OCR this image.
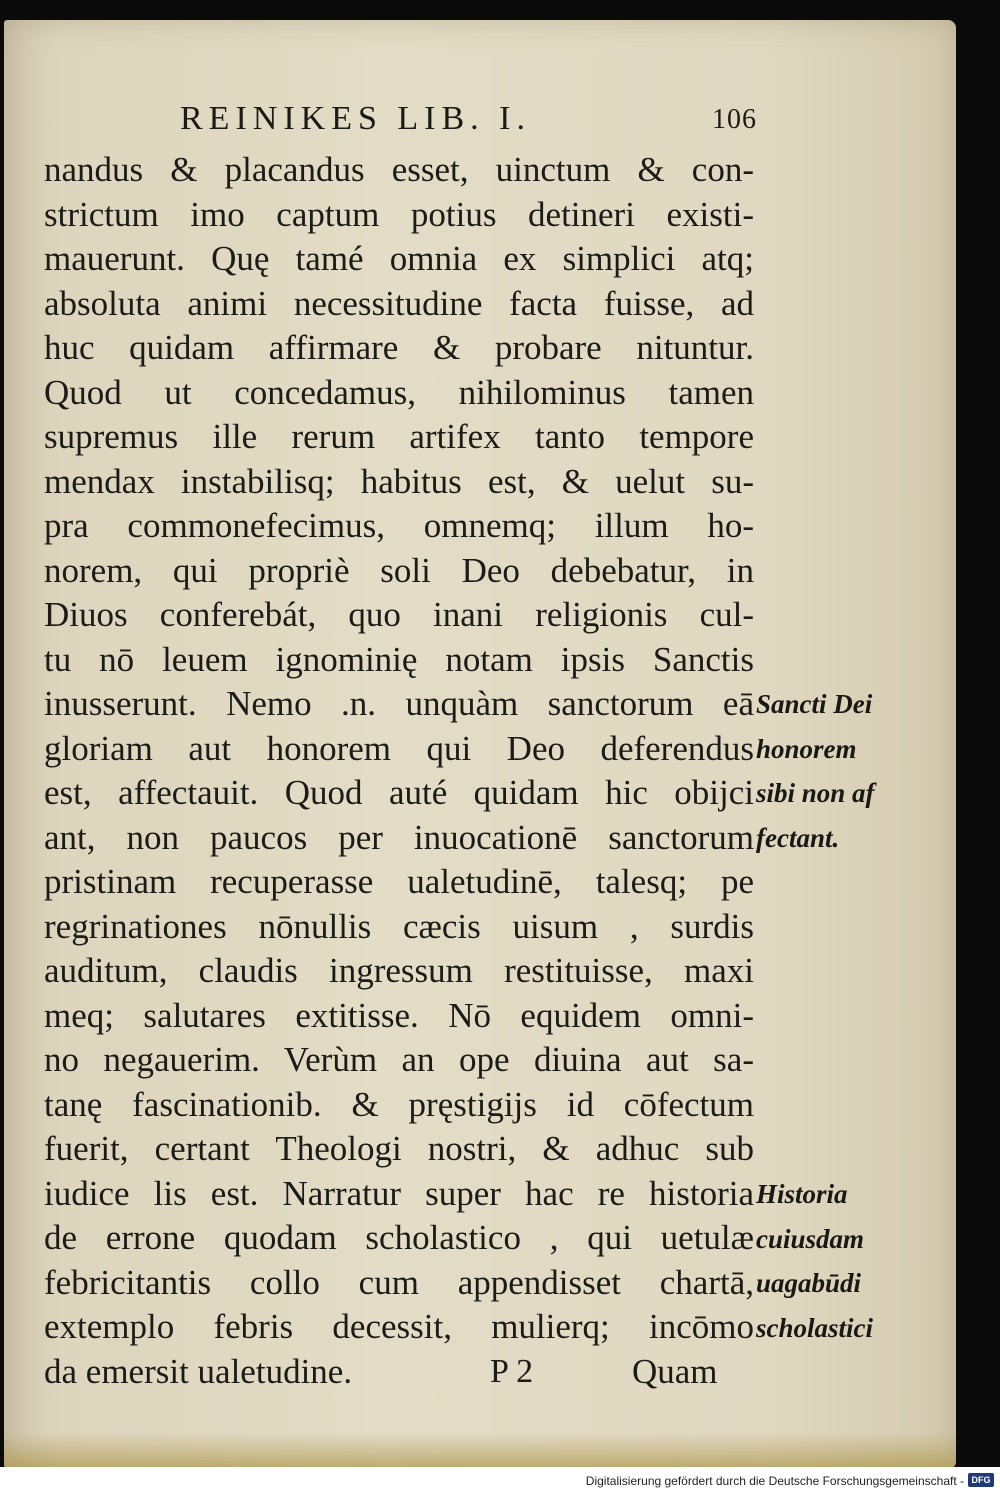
REINIKES LIB. I.	106
nandus & placandus esset, uinctum & con-
strictum imo captum potius detineri existi-
mauerunt. Quę tamé omnia ex simplici atq;
absoluta animi necessitudine facta fuisse, ad
huc quidam affirmare & probare nituntur.
Quod ut concedamus, nihilominus tamen
supremus ille rerum artifex tanto tempore
mendax instabilisq; habitus est, & uelut su-
pra commonefecimus, omnemq; illum ho-
norem, qui propriè soli Deo debebatur, in
Diuos conferebát, quo inani religionis cul-
tu nō leuem ignominię notam ipsis Sanctis
inusserunt. Nemo .n. unquàm sanctorum eā
gloriam aut honorem qui Deo deferendus
est, affectauit. Quod auté quidam hic obijci
ant, non paucos per inuocationē sanctorum
pristinam recuperasse ualetudinē, talesq; pe
regrinationes nōnullis cæcis uisum , surdis
auditum, claudis ingressum restituisse, maxi
meq; salutares extitisse. Nō equidem omni-
no negauerim. Verùm an ope diuina aut sa-
tanę fascinationib. & pręstigijs id cōfectum
fuerit, certant Theologi nostri, & adhuc sub
iudice lis est. Narratur super hac re historia
de errone quodam scholastico , qui uetulæ
febricitantis collo cum appendisset chartā,
extemplo febris decessit, mulierq; incōmo
da emersit ualetudine.	P 2	Quam
Sancti Dei
honorem
sibi non af
fectant.
Historia
cuiusdam
uagabūdi
scholastici
Digitalisierung gefördert durch die Deutsche Forschungsgemeinschaft - DFG
